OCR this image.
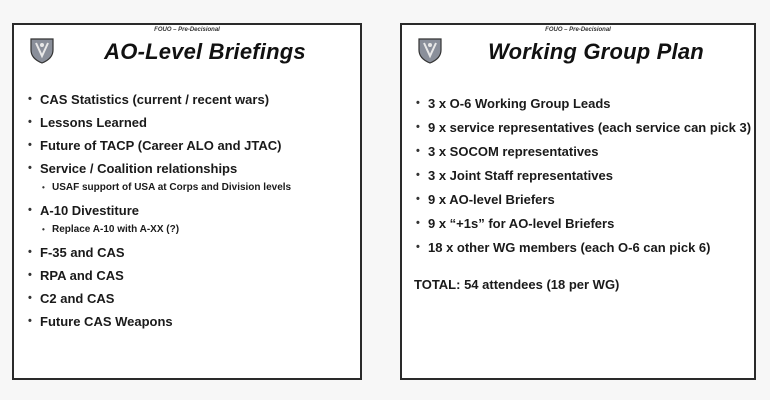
FOUO – Pre-Decisional
AO-Level Briefings
• CAS Statistics (current / recent wars)
• Lessons Learned
• Future of TACP (Career ALO and JTAC)
• Service / Coalition relationships
• USAF support of USA at Corps and Division levels
• A-10 Divestiture
• Replace A-10 with A-XX (?)
• F-35 and CAS
• RPA and CAS
• C2 and CAS
• Future CAS Weapons
FOUO – Pre-Decisional
Working Group Plan
• 3 x O-6 Working Group Leads
• 9 x service representatives (each service can pick 3)
• 3 x SOCOM representatives
• 3 x Joint Staff representatives
• 9 x AO-level Briefers
• 9 x “+1s” for AO-level Briefers
• 18 x other WG members (each O-6 can pick 6)
TOTAL: 54 attendees (18 per WG)
